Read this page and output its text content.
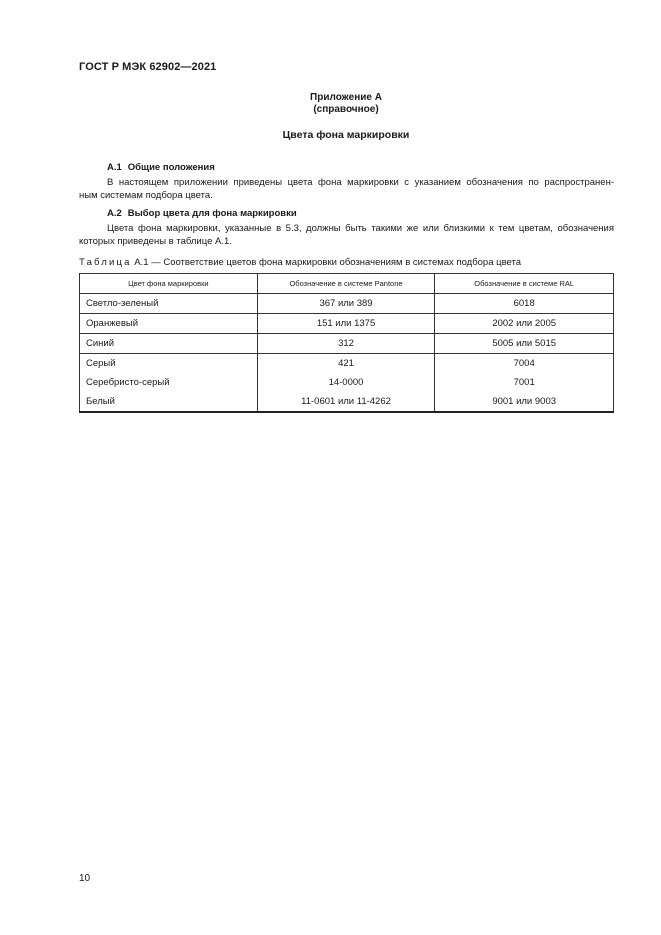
ГОСТ Р МЭК 62902—2021
Приложение А
(справочное)
Цвета фона маркировки
А.1 Общие положения
В настоящем приложении приведены цвета фона маркировки с указанием обозначения по распространен-
ным системам подбора цвета.
А.2 Выбор цвета для фона маркировки
Цвета фона маркировки, указанные в 5.3, должны быть такими же или близкими к тем цветам, обозначения
которых приведены в таблице А.1.
Таблица А.1 — Соответствие цветов фона маркировки обозначениям в системах подбора цвета
Цвет фона маркировки	Обозначение в системе Pantone	Обозначение в системе RAL
Светло-зеленый	367 или 389	6018
Оранжевый	151 или 1375	2002 или 2005
Синий	312	5005 или 5015
Серый	421	7004
Серебристо-серый	14-0000	7001
Белый	11-0601 или 11-4262	9001 или 9003
10
